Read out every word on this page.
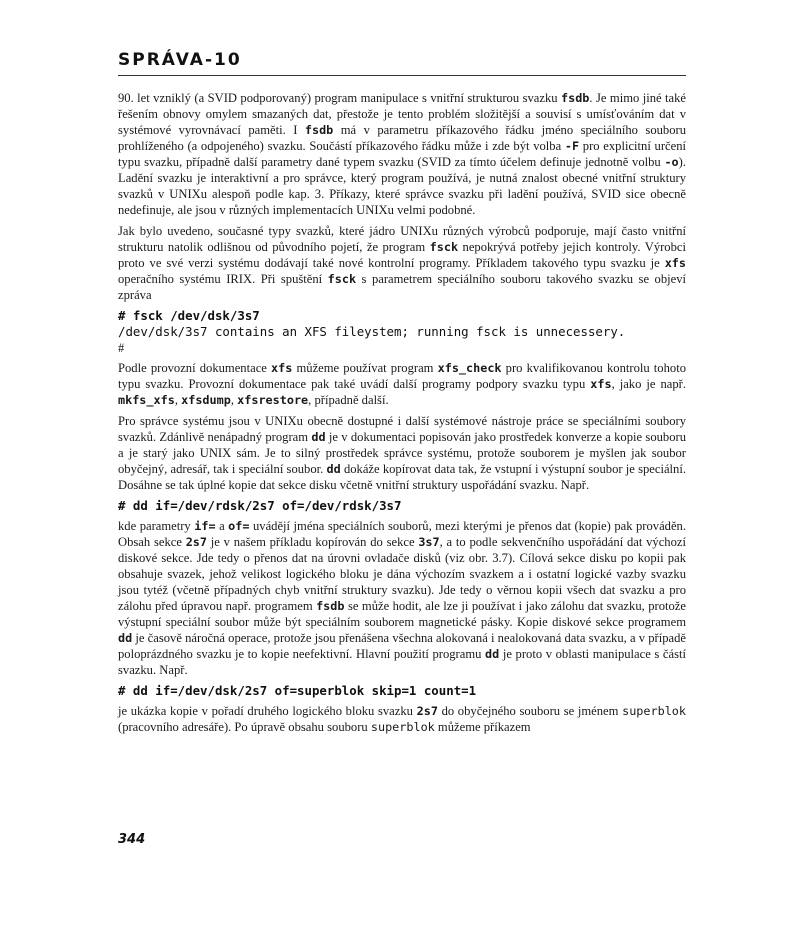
SPRÁVA-10

90. let vzniklý (a SVID podporovaný) program manipulace s vnitřní strukturou svazku fsdb. Je mimo jiné také řešením obnovy omylem smazaných dat, přestože je tento problém složitější a souvisí s umísťováním dat v systémové vyrovnávací paměti. I fsdb má v parametru příkazového řádku jméno speciálního souboru prohlíženého (a odpojeného) svazku. Součástí příkazového řádku může i zde být volba -F pro explicitní určení typu svazku, případně další parametry dané typem svazku (SVID za tímto účelem definuje jednotně volbu -o). Ladění svazku je interaktivní a pro správce, který program používá, je nutná znalost obecné vnitřní struktury svazků v UNIXu alespoň podle kap. 3. Příkazy, které správce svazku při ladění používá, SVID sice obecně nedefinuje, ale jsou v různých implementacích UNIXu velmi podobné.

Jak bylo uvedeno, současné typy svazků, které jádro UNIXu různých výrobců podporuje, mají často vnitřní strukturu natolik odlišnou od původního pojetí, že program fsck nepokrývá potřeby jejich kontroly. Výrobci proto ve své verzi systému dodávají také nové kontrolní programy. Příkladem takového typu svazku je xfs operačního systému IRIX. Při spuštění fsck s parametrem speciálního souboru takového svazku se objeví zpráva

# fsck /dev/dsk/3s7
/dev/dsk/3s7 contains an XFS fileystem; running fsck is unnecessery.
#

Podle provozní dokumentace xfs můžeme používat program xfs_check pro kvalifikovanou kontrolu tohoto typu svazku. Provozní dokumentace pak také uvádí další programy podpory svazku typu xfs, jako je např. mkfs_xfs, xfsdump, xfsrestore, případně další.

Pro správce systému jsou v UNIXu obecně dostupné i další systémové nástroje práce se speciálními soubory svazků. Zdánlivě nenápadný program dd je v dokumentaci popisován jako prostředek konverze a kopie souboru a je starý jako UNIX sám. Je to silný prostředek správce systému, protože souborem je myšlen jak soubor obyčejný, adresář, tak i speciální soubor. dd dokáže kopírovat data tak, že vstupní i výstupní soubor je speciální. Dosáhne se tak úplné kopie dat sekce disku včetně vnitřní struktury uspořádání svazku. Např.

# dd if=/dev/rdsk/2s7 of=/dev/rdsk/3s7

kde parametry if= a of= uvádějí jména speciálních souborů, mezi kterými je přenos dat (kopie) pak prováděn. Obsah sekce 2s7 je v našem příkladu kopírován do sekce 3s7, a to podle sekvenčního uspořádání dat výchozí diskové sekce. Jde tedy o přenos dat na úrovni ovladače disků (viz obr. 3.7). Cílová sekce disku po kopii pak obsahuje svazek, jehož velikost logického bloku je dána výchozím svazkem a i ostatní logické vazby svazku jsou tytéž (včetně případných chyb vnitřní struktury svazku). Jde tedy o věrnou kopii všech dat svazku a pro zálohu před úpravou např. programem fsdb se může hodit, ale lze ji používat i jako zálohu dat svazku, protože výstupní speciální soubor může být speciálním souborem magnetické pásky. Kopie diskové sekce programem dd je časově náročná operace, protože jsou přenášena všechna alokovaná i nealokovaná data svazku, a v případě poloprázdného svazku je to kopie neefektivní. Hlavní použití programu dd je proto v oblasti manipulace s částí svazku. Např.

# dd if=/dev/dsk/2s7 of=superblok skip=1 count=1

je ukázka kopie v pořadí druhého logického bloku svazku 2s7 do obyčejného souboru se jménem superblok (pracovního adresáře). Po úpravě obsahu souboru superblok můžeme příkazem

344
